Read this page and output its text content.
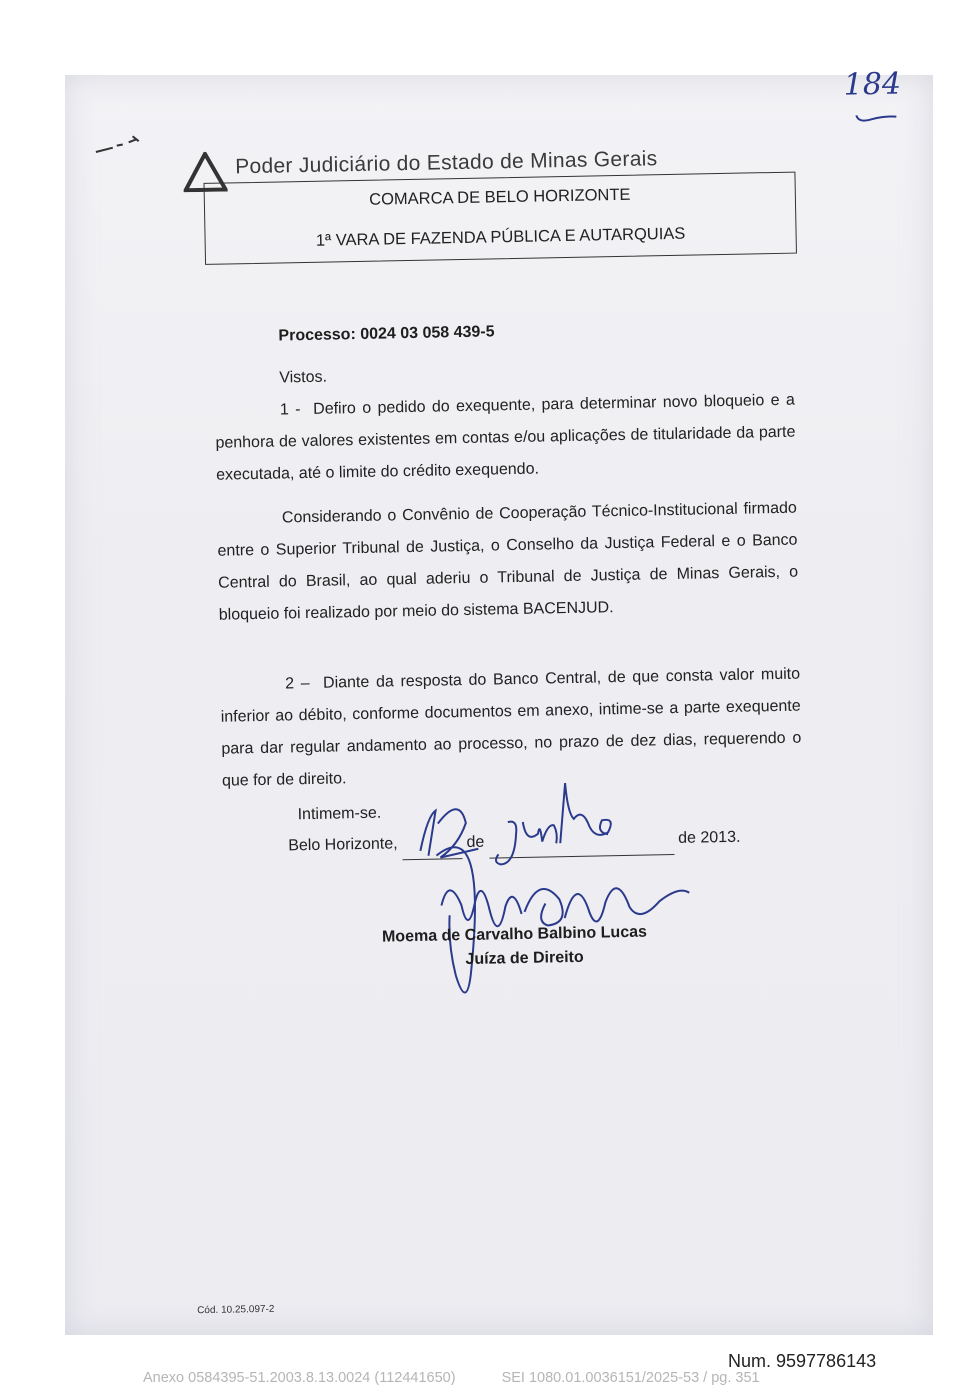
184
Poder Judiciário do Estado de Minas Gerais
COMARCA DE BELO HORIZONTE
1ª VARA DE FAZENDA PÚBLICA E AUTARQUIAS
Processo: 0024 03 058 439-5
Vistos.
1 - Defiro o pedido do exequente, para determinar novo bloqueio e a penhora de valores existentes em contas e/ou aplicações de titularidade da parte executada, até o limite do crédito exequendo.
Considerando o Convênio de Cooperação Técnico-Institucional firmado entre o Superior Tribunal de Justiça, o Conselho da Justiça Federal e o Banco Central do Brasil, ao qual aderiu o Tribunal de Justiça de Minas Gerais, o bloqueio foi realizado por meio do sistema BACENJUD.
2 – Diante da resposta do Banco Central, de que consta valor muito inferior ao débito, conforme documentos em anexo, intime-se a parte exequente para dar regular andamento ao processo, no prazo de dez dias, requerendo o que for de direito.
Intimem-se.
Belo Horizonte,	de	de 2013.
Moema de Carvalho Balbino Lucas
Juíza de Direito
Cód. 10.25.097-2
Num. 9597786143
Anexo 0584395-51.2003.8.13.0024 (112441650)	SEI 1080.01.0036151/2025-53 / pg. 351
